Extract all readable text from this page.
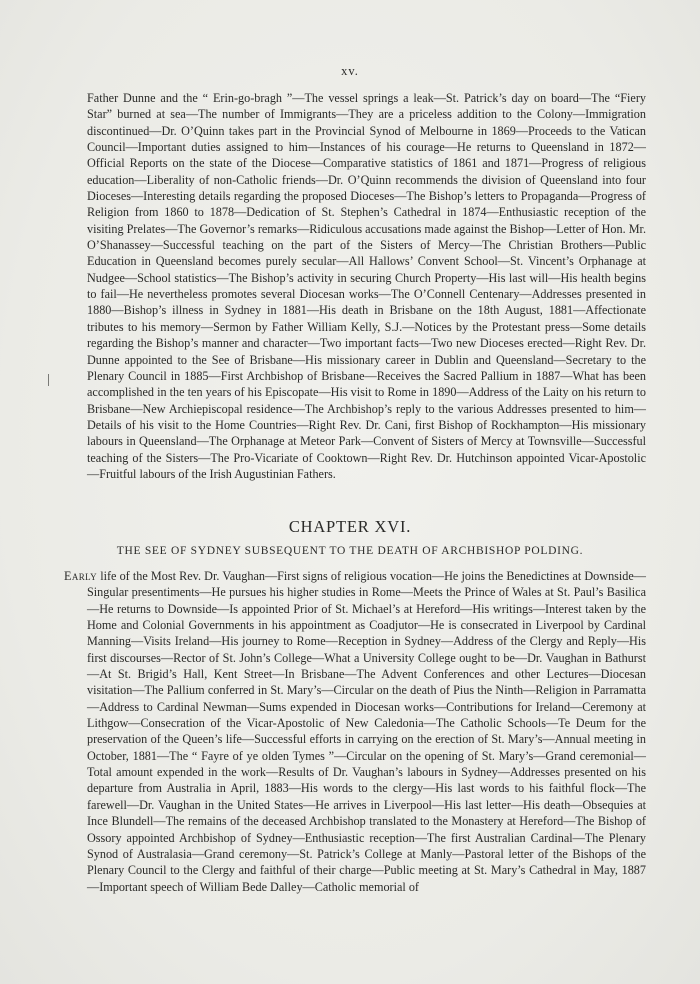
xv.

Father Dunne and the “ Erin-go-bragh ”—The vessel springs a leak—St. Patrick’s day on board—The “Fiery Star” burned at sea—The number of Immigrants—They are a priceless addition to the Colony—Immigration discontinued—Dr. O’Quinn takes part in the Provincial Synod of Melbourne in 1869—Proceeds to the Vatican Council—Important duties assigned to him—Instances of his courage—He returns to Queensland in 1872—Official Reports on the state of the Diocese—Comparative statistics of 1861 and 1871—Progress of religious education—Liberality of non-Catholic friends—Dr. O’Quinn recommends the division of Queensland into four Dioceses—Interesting details regarding the proposed Dioceses—The Bishop’s letters to Propaganda—Progress of Religion from 1860 to 1878—Dedication of St. Stephen’s Cathedral in 1874—Enthusiastic reception of the visiting Prelates—The Governor’s remarks—Ridiculous accusations made against the Bishop—Letter of Hon. Mr. O’Shanassey—Successful teaching on the part of the Sisters of Mercy—The Christian Brothers—Public Education in Queensland becomes purely secular—All Hallows’ Convent School—St. Vincent’s Orphanage at Nudgee—School statistics—The Bishop’s activity in securing Church Property—His last will—His health begins to fail—He nevertheless promotes several Diocesan works—The O’Connell Centenary—Addresses presented in 1880—Bishop’s illness in Sydney in 1881—His death in Brisbane on the 18th August, 1881—Affectionate tributes to his memory—Sermon by Father William Kelly, S.J.—Notices by the Protestant press—Some details regarding the Bishop’s manner and character—Two important facts—Two new Dioceses erected—Right Rev. Dr. Dunne appointed to the See of Brisbane—His missionary career in Dublin and Queensland—Secretary to the Plenary Council in 1885—First Archbishop of Brisbane—Receives the Sacred Pallium in 1887—What has been accomplished in the ten years of his Episcopate—His visit to Rome in 1890—Address of the Laity on his return to Brisbane—New Archiepiscopal residence—The Archbishop’s reply to the various Addresses presented to him—Details of his visit to the Home Countries—Right Rev. Dr. Cani, first Bishop of Rockhampton—His missionary labours in Queensland—The Orphanage at Meteor Park—Convent of Sisters of Mercy at Townsville—Successful teaching of the Sisters—The Pro-Vicariate of Cooktown—Right Rev. Dr. Hutchinson appointed Vicar-Apostolic—Fruitful labours of the Irish Augustinian Fathers.

CHAPTER XVI.
THE SEE OF SYDNEY SUBSEQUENT TO THE DEATH OF ARCHBISHOP POLDING.

Early life of the Most Rev. Dr. Vaughan—First signs of religious vocation—He joins the Benedictines at Downside—Singular presentiments—He pursues his higher studies in Rome—Meets the Prince of Wales at St. Paul’s Basilica—He returns to Downside—Is appointed Prior of St. Michael’s at Hereford—His writings—Interest taken by the Home and Colonial Governments in his appointment as Coadjutor—He is consecrated in Liverpool by Cardinal Manning—Visits Ireland—His journey to Rome—Reception in Sydney—Address of the Clergy and Reply—His first discourses—Rector of St. John’s College—What a University College ought to be—Dr. Vaughan in Bathurst—At St. Brigid’s Hall, Kent Street—In Brisbane—The Advent Conferences and other Lectures—Diocesan visitation—The Pallium conferred in St. Mary’s—Circular on the death of Pius the Ninth—Religion in Parramatta—Address to Cardinal Newman—Sums expended in Diocesan works—Contributions for Ireland—Ceremony at Lithgow—Consecration of the Vicar-Apostolic of New Caledonia—The Catholic Schools—Te Deum for the preservation of the Queen’s life—Successful efforts in carrying on the erection of St. Mary’s—Annual meeting in October, 1881—The “ Fayre of ye olden Tymes ”—Circular on the opening of St. Mary’s—Grand ceremonial—Total amount expended in the work—Results of Dr. Vaughan’s labours in Sydney—Addresses presented on his departure from Australia in April, 1883—His words to the clergy—His last words to his faithful flock—The farewell—Dr. Vaughan in the United States—He arrives in Liverpool—His last letter—His death—Obsequies at Ince Blundell—The remains of the deceased Archbishop translated to the Monastery at Hereford—The Bishop of Ossory appointed Archbishop of Sydney—Enthusiastic reception—The first Australian Cardinal—The Plenary Synod of Australasia—Grand ceremony—St. Patrick’s College at Manly—Pastoral letter of the Bishops of the Plenary Council to the Clergy and faithful of their charge—Public meeting at St. Mary’s Cathedral in May, 1887—Important speech of William Bede Dalley—Catholic memorial of
